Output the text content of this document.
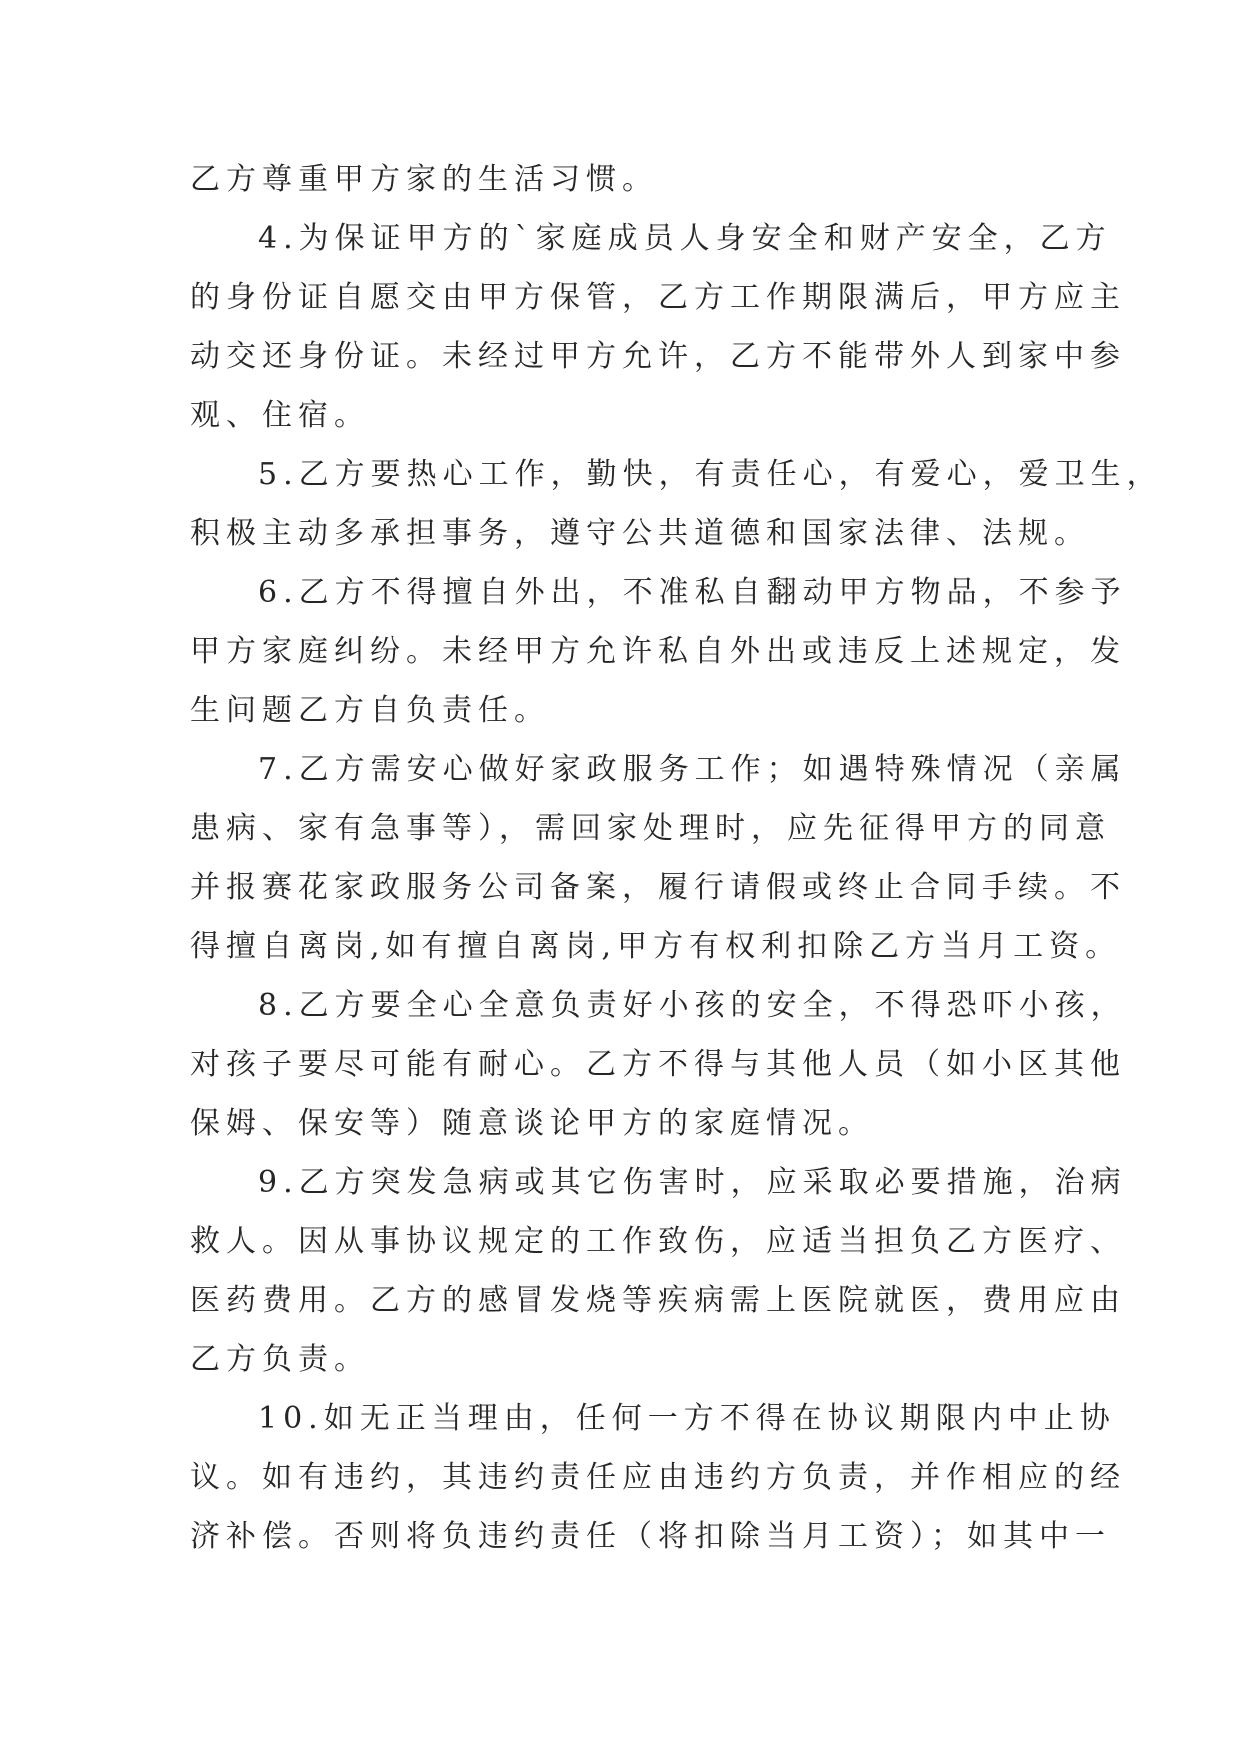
乙方尊重甲方家的生活习惯。
4.为保证甲方的`家庭成员人身安全和财产安全，乙方
的身份证自愿交由甲方保管，乙方工作期限满后，甲方应主
动交还身份证。未经过甲方允许，乙方不能带外人到家中参
观、住宿。
5.乙方要热心工作，勤快，有责任心，有爱心，爱卫生，
积极主动多承担事务，遵守公共道德和国家法律、法规。
6.乙方不得擅自外出，不准私自翻动甲方物品，不参予
甲方家庭纠纷。未经甲方允许私自外出或违反上述规定，发
生问题乙方自负责任。
7.乙方需安心做好家政服务工作；如遇特殊情况（亲属
患病、家有急事等），需回家处理时，应先征得甲方的同意
并报赛花家政服务公司备案，履行请假或终止合同手续。不
得擅自离岗,如有擅自离岗,甲方有权利扣除乙方当月工资。
8.乙方要全心全意负责好小孩的安全，不得恐吓小孩，
对孩子要尽可能有耐心。乙方不得与其他人员（如小区其他
保姆、保安等）随意谈论甲方的家庭情况。
9.乙方突发急病或其它伤害时，应采取必要措施，治病
救人。因从事协议规定的工作致伤，应适当担负乙方医疗、
医药费用。乙方的感冒发烧等疾病需上医院就医，费用应由
乙方负责。
10.如无正当理由，任何一方不得在协议期限内中止协
议。如有违约，其违约责任应由违约方负责，并作相应的经
济补偿。否则将负违约责任（将扣除当月工资）；如其中一
